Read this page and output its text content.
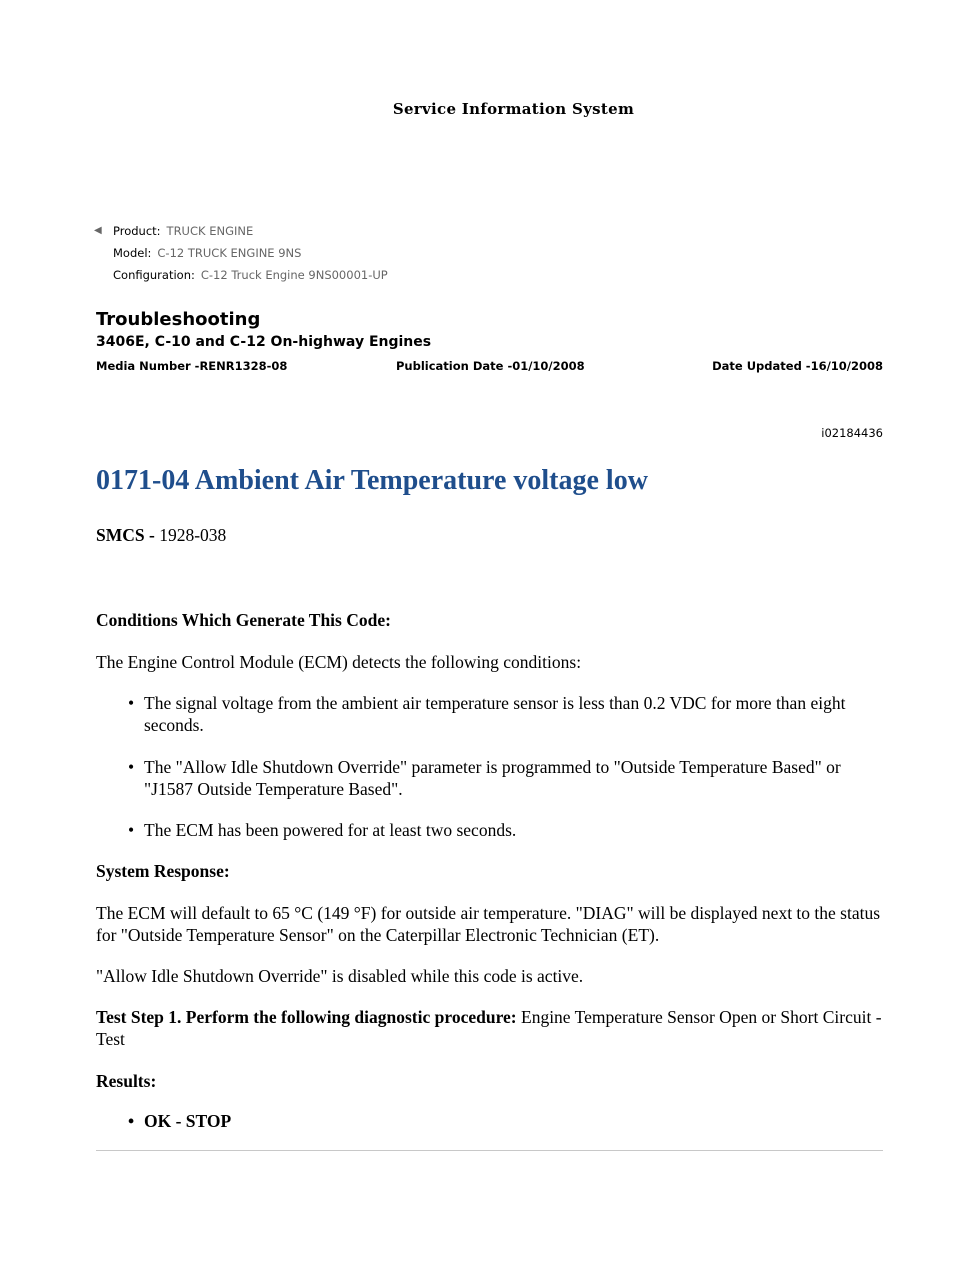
Service Information System
◀ Product: TRUCK ENGINE
Model: C-12 TRUCK ENGINE 9NS
Configuration: C-12 Truck Engine 9NS00001-UP
Troubleshooting
3406E, C-10 and C-12 On-highway Engines
Media Number -RENR1328-08	Publication Date -01/10/2008	Date Updated -16/10/2008
i02184436
0171-04 Ambient Air Temperature voltage low
SMCS - 1928-038
Conditions Which Generate This Code:
The Engine Control Module (ECM) detects the following conditions:
• The signal voltage from the ambient air temperature sensor is less than 0.2 VDC for more than eight seconds.
• The "Allow Idle Shutdown Override" parameter is programmed to "Outside Temperature Based" or "J1587 Outside Temperature Based".
• The ECM has been powered for at least two seconds.
System Response:
The ECM will default to 65 °C (149 °F) for outside air temperature. "DIAG" will be displayed next to the status for "Outside Temperature Sensor" on the Caterpillar Electronic Technician (ET).
"Allow Idle Shutdown Override" is disabled while this code is active.
Test Step 1. Perform the following diagnostic procedure: Engine Temperature Sensor Open or Short Circuit - Test
Results:
• OK - STOP
